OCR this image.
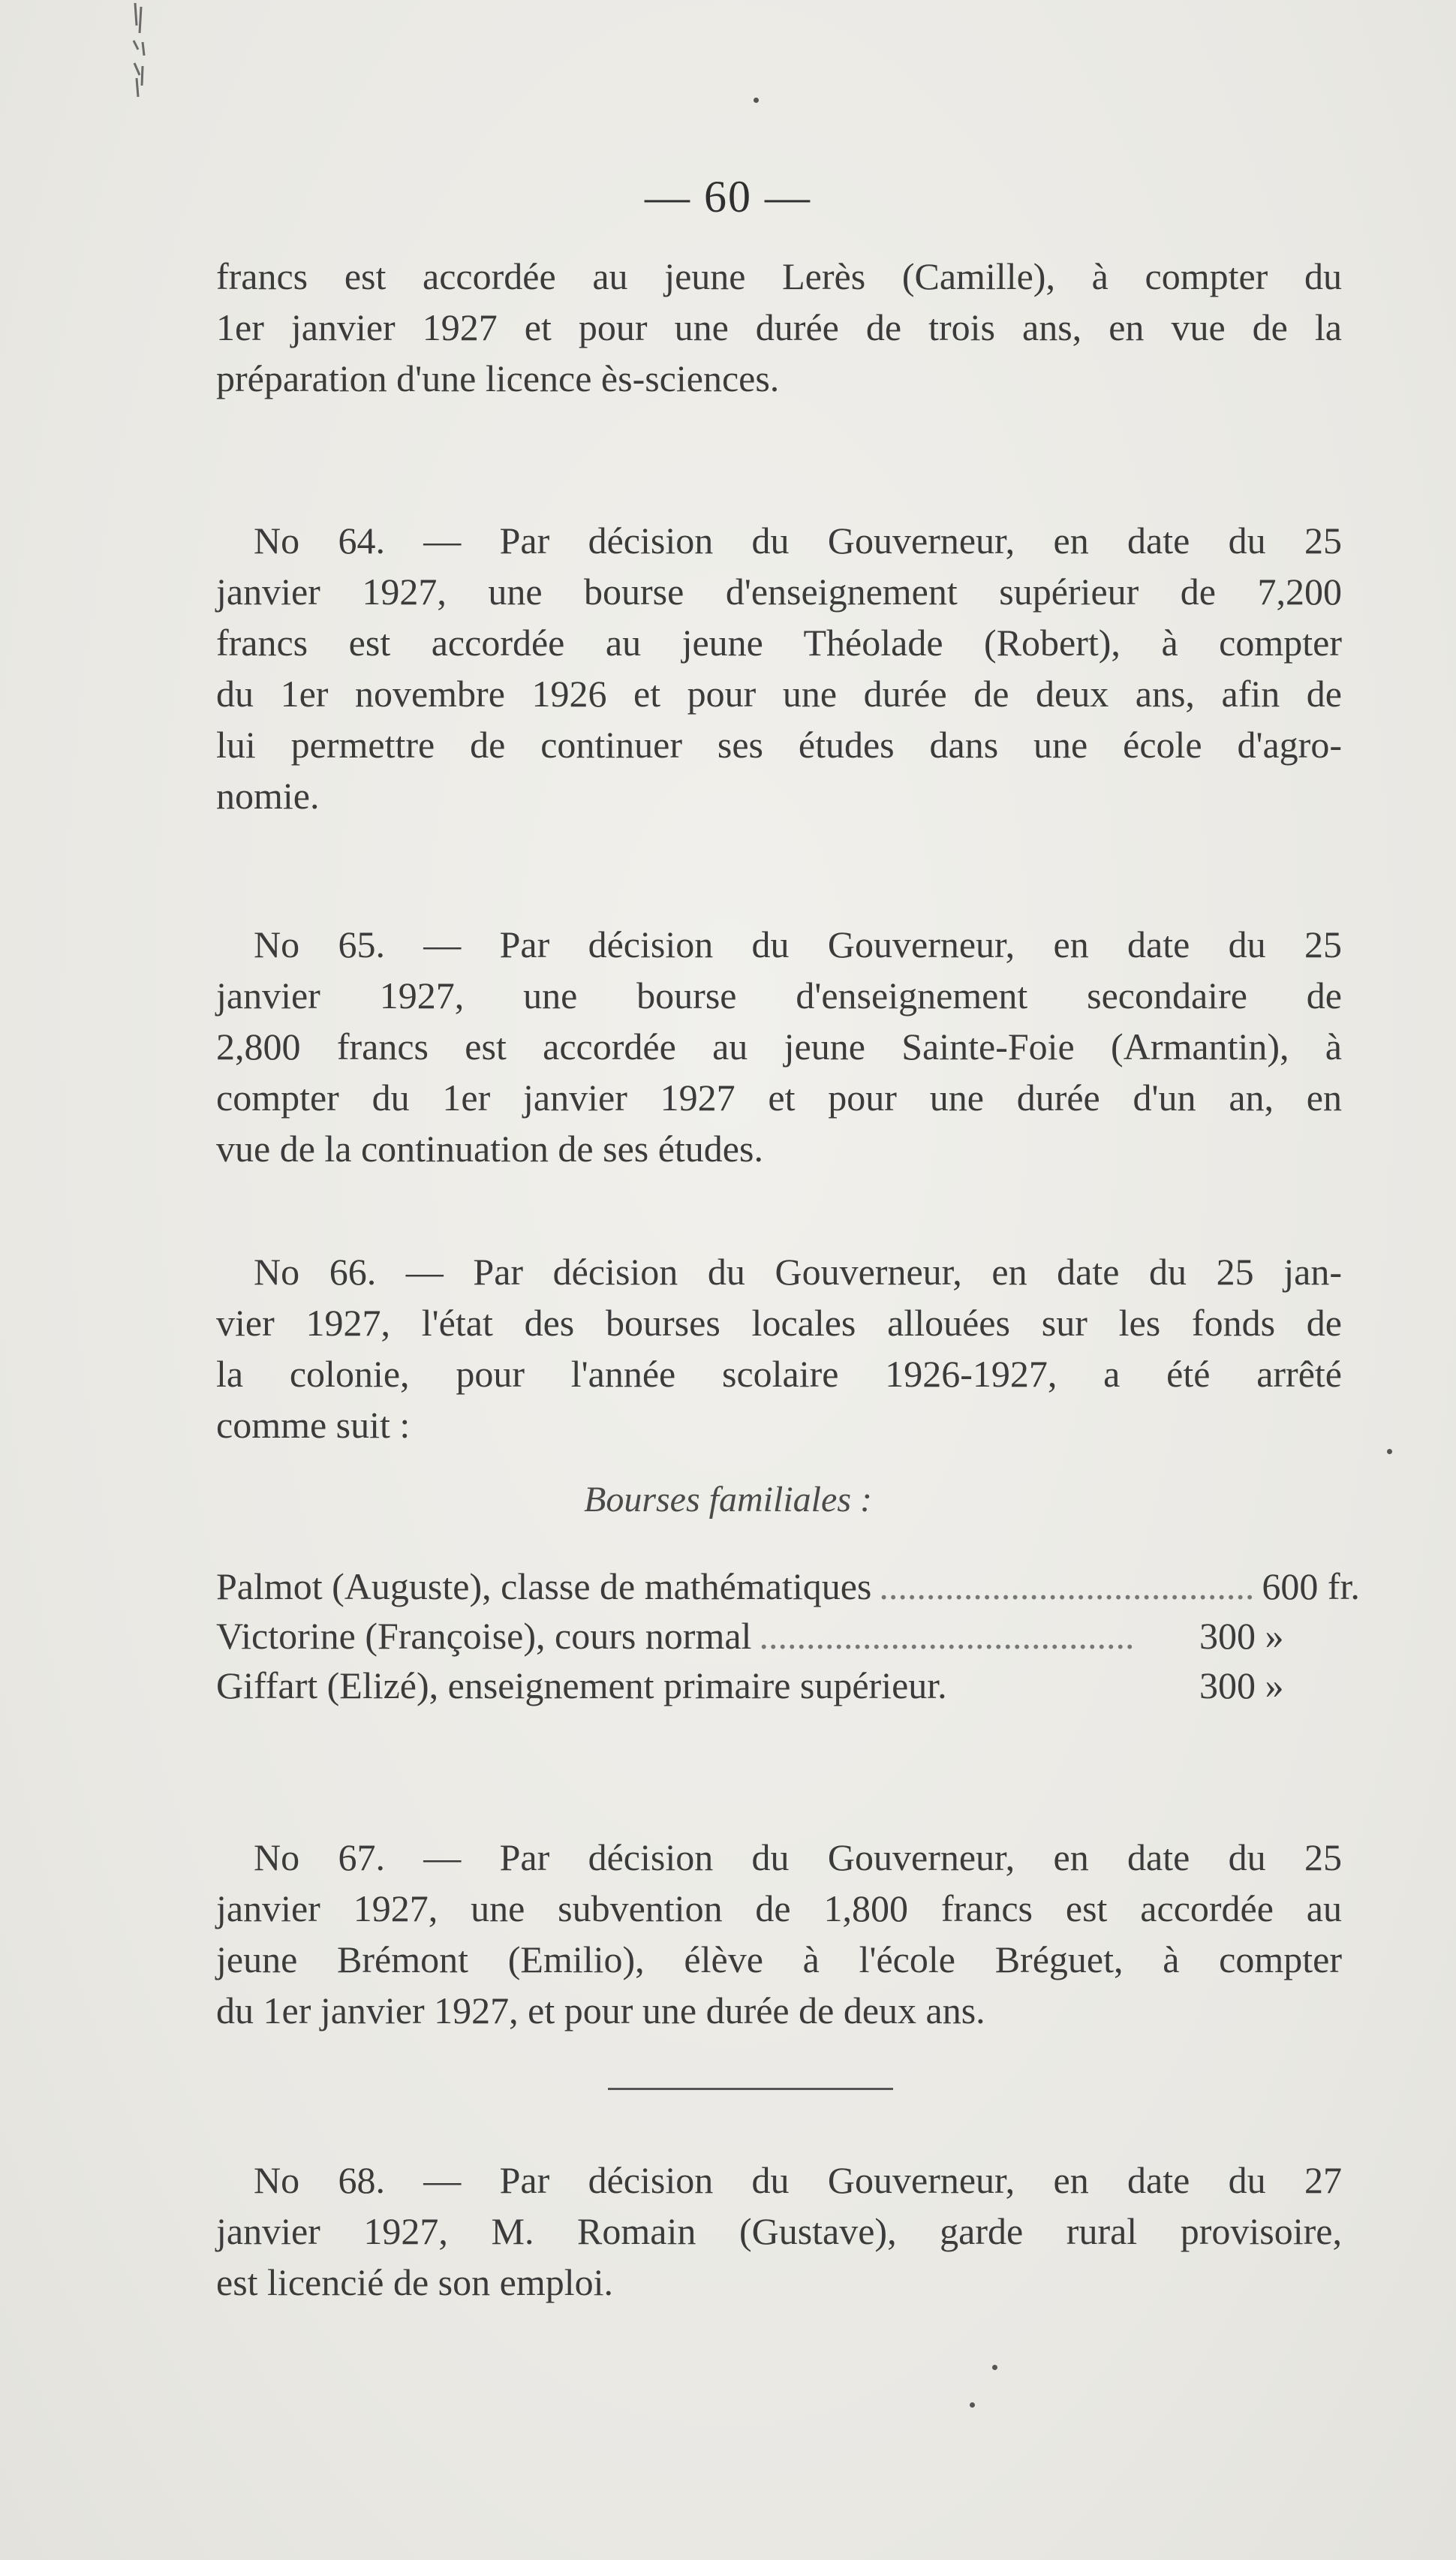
— 60 —
francs est accordée au jeune Lerès (Camille), à compter du
1er janvier 1927 et pour une durée de trois ans, en vue de la
préparation d'une licence ès-sciences.
No 64. — Par décision du Gouverneur, en date du 25
janvier 1927, une bourse d'enseignement supérieur de 7,200
francs est accordée au jeune Théolade (Robert), à compter
du 1er novembre 1926 et pour une durée de deux ans, afin de
lui permettre de continuer ses études dans une école d'agro-
nomie.
No 65. — Par décision du Gouverneur, en date du 25
janvier 1927, une bourse d'enseignement secondaire de
2,800 francs est accordée au jeune Sainte-Foie (Armantin), à
compter du 1er janvier 1927 et pour une durée d'un an, en
vue de la continuation de ses études.
No 66. — Par décision du Gouverneur, en date du 25 jan-
vier 1927, l'état des bourses locales allouées sur les fonds de
la colonie, pour l'année scolaire 1926-1927, a été arrêté
comme suit :
Bourses familiales :
Palmot (Auguste), classe de mathématiques ........................................ 600 fr.
Victorine (Françoise), cours normal ........................................	300 »
Giffart (Elizé), enseignement primaire supérieur.	300 »
No 67. — Par décision du Gouverneur, en date du 25
janvier 1927, une subvention de 1,800 francs est accordée au
jeune Brémont (Emilio), élève à l'école Bréguet, à compter
du 1er janvier 1927, et pour une durée de deux ans.
No 68. — Par décision du Gouverneur, en date du 27
janvier 1927, M. Romain (Gustave), garde rural provisoire,
est licencié de son emploi.
